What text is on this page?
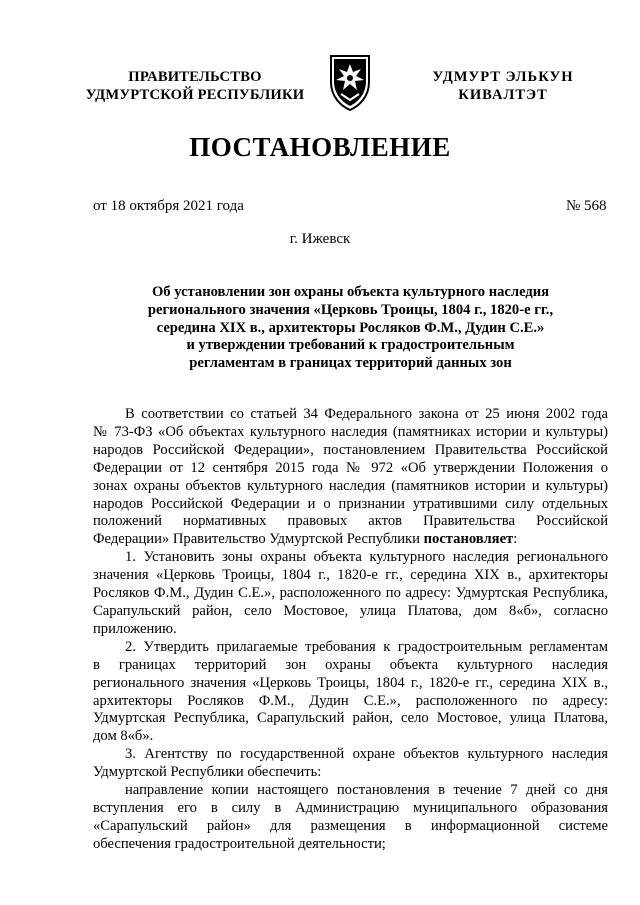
ПРАВИТЕЛЬСТВО
УДМУРТСКОЙ РЕСПУБЛИКИ
УДМУРТ ЭЛЬКУН
КИВАЛТЭТ
ПОСТАНОВЛЕНИЕ
от 18 октября 2021 года	№ 568
г. Ижевск
Об установлении зон охраны объекта культурного наследия
регионального значения «Церковь Троицы, 1804 г., 1820-е гг.,
середина XIX в., архитекторы Росляков Ф.М., Дудин С.Е.»
и утверждении требований к градостроительным
регламентам в границах территорий данных зон
В соответствии со статьей 34 Федерального закона от 25 июня 2002 года
№ 73-ФЗ «Об объектах культурного наследия (памятниках истории и культуры)
народов Российской Федерации», постановлением Правительства Российской
Федерации от 12 сентября 2015 года № 972 «Об утверждении Положения о
зонах охраны объектов культурного наследия (памятников истории и культуры)
народов Российской Федерации и о признании утратившими силу отдельных
положений нормативных правовых актов Правительства Российской
Федерации» Правительство Удмуртской Республики постановляет:
1. Установить зоны охраны объекта культурного наследия регионального
значения «Церковь Троицы, 1804 г., 1820-е гг., середина XIX в., архитекторы
Росляков Ф.М., Дудин С.Е.», расположенного по адресу: Удмуртская Республика,
Сарапульский район, село Мостовое, улица Платова, дом 8«б», согласно
приложению.
2. Утвердить прилагаемые требования к градостроительным регламентам
в границах территорий зон охраны объекта культурного наследия
регионального значения «Церковь Троицы, 1804 г., 1820-е гг., середина XIX в.,
архитекторы Росляков Ф.М., Дудин С.Е.», расположенного по адресу:
Удмуртская Республика, Сарапульский район, село Мостовое, улица Платова,
дом 8«б».
3. Агентству по государственной охране объектов культурного наследия
Удмуртской Республики обеспечить:
направление копии настоящего постановления в течение 7 дней со дня
вступления его в силу в Администрацию муниципального образования
«Сарапульский район» для размещения в информационной системе
обеспечения градостроительной деятельности;
